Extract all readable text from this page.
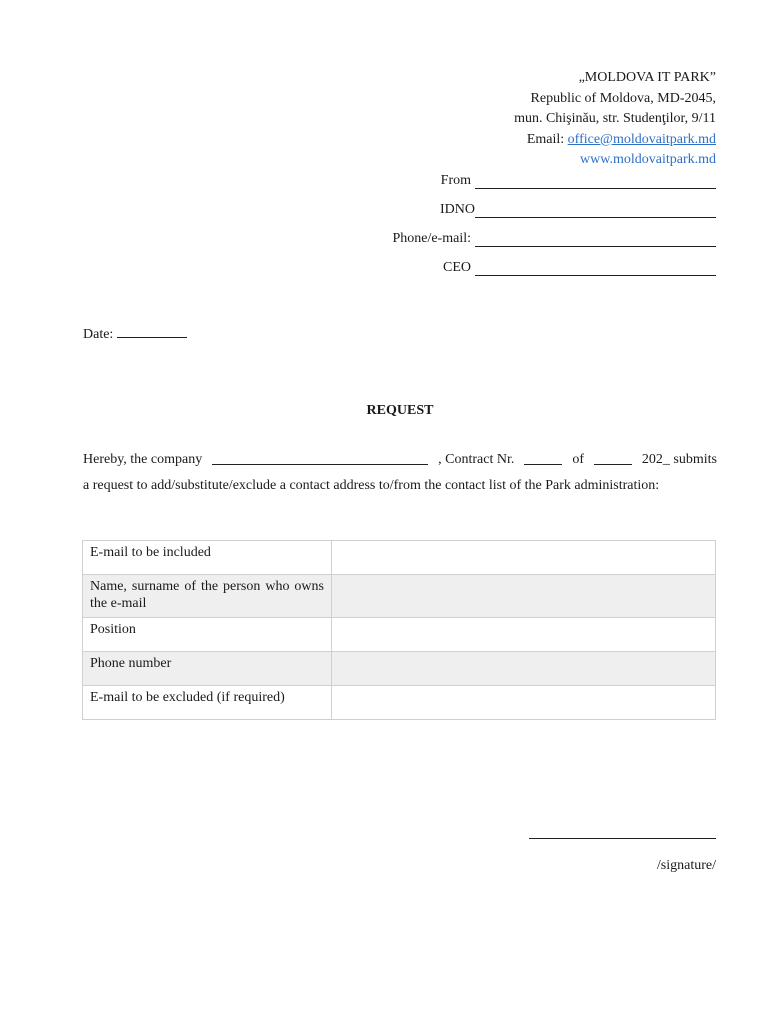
„MOLDOVA IT PARK”
Republic of Moldova, MD-2045,
mun. Chişinău, str. Studenţilor, 9/11
Email: office@moldovaitpark.md
www.moldovaitpark.md
From
IDNO
Phone/e-mail:
CEO
Date:
REQUEST
Hereby, the company	, Contract Nr.	of	202_ submits
a request to add/substitute/exclude a contact address to/from the contact list of the Park administration:
E-mail to be included	
Name, surname of the person who owns the e-mail	
Position	
Phone number	
E-mail to be excluded (if required)	
/signature/
